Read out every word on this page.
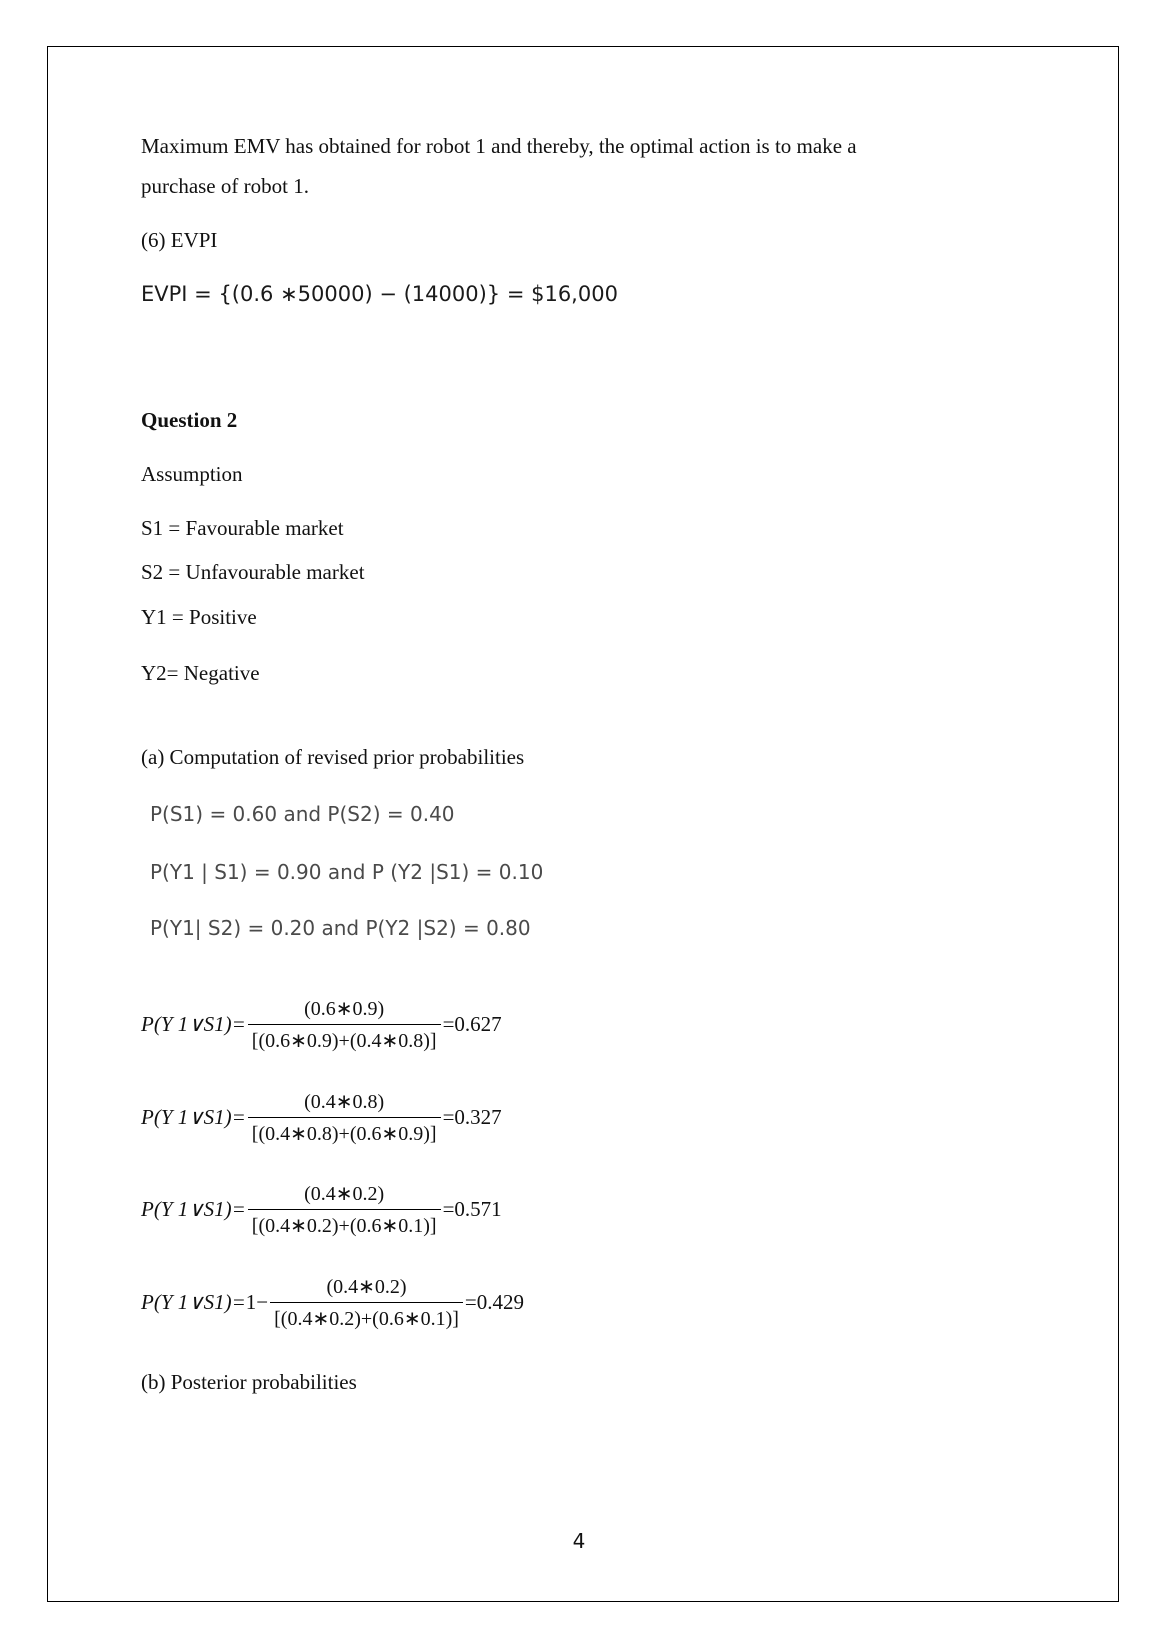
Maximum EMV has obtained for robot 1 and thereby, the optimal action is to make a
purchase of robot 1.
(6) EVPI
EVPI = {(0.6 ∗50000) − (14000)} = $16,000
Question 2
Assumption
S1 = Favourable market
S2 = Unfavourable market
Y1 = Positive
Y2= Negative
(a) Computation of revised prior probabilities
P(S1) = 0.60 and P(S2) = 0.40
P(Y1 | S1) = 0.90 and P (Y2 |S1) = 0.10
P(Y1| S2) = 0.20 and P(Y2 |S2) = 0.80
P(Y 1∨S1)= $\frac{(0.6∗0.9)}{[(0.6∗0.9)+(0.4∗0.8)]} =0.627$
P(Y 1∨S1)= $\frac{(0.4∗0.8)}{[(0.4∗0.8)+(0.6∗0.9)]} =0.327$
P(Y 1∨S1)= $\frac{(0.4∗0.2)}{[(0.4∗0.2)+(0.6∗0.1)]} =0.571$
P(Y 1∨S1)= $1- \frac{(0.4∗0.2)}{[(0.4∗0.2)+(0.6∗0.1)]} =0.429$
(b) Posterior probabilities
4
